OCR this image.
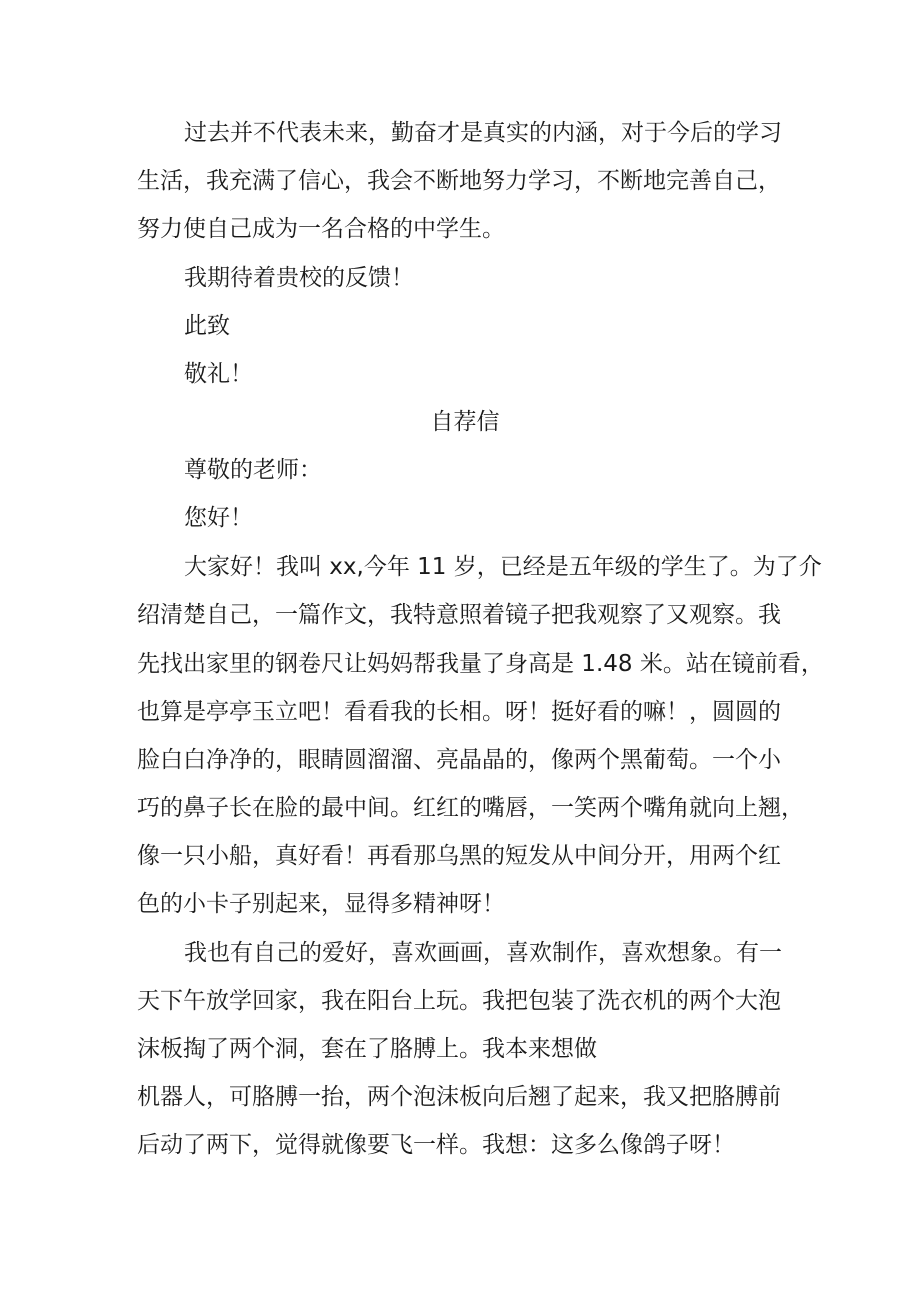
过去并不代表未来，勤奋才是真实的内涵，对于今后的学习
生活，我充满了信心，我会不断地努力学习，不断地完善自己，
努力使自己成为一名合格的中学生。
我期待着贵校的反馈！
此致
敬礼！
自荐信
尊敬的老师：
您好！
大家好！我叫 xx,今年 11 岁，已经是五年级的学生了。为了介
绍清楚自己，一篇作文，我特意照着镜子把我观察了又观察。我
先找出家里的钢卷尺让妈妈帮我量了身高是 1.48 米。站在镜前看，
也算是亭亭玉立吧！看看我的长相。呀！挺好看的嘛！，圆圆的
脸白白净净的，眼睛圆溜溜、亮晶晶的，像两个黑葡萄。一个小
巧的鼻子长在脸的最中间。红红的嘴唇，一笑两个嘴角就向上翘，
像一只小船，真好看！再看那乌黑的短发从中间分开，用两个红
色的小卡子别起来，显得多精神呀！
我也有自己的爱好，喜欢画画，喜欢制作，喜欢想象。有一
天下午放学回家，我在阳台上玩。我把包装了洗衣机的两个大泡
沫板掏了两个洞，套在了胳膊上。我本来想做
机器人，可胳膊一抬，两个泡沫板向后翘了起来，我又把胳膊前
后动了两下，觉得就像要飞一样。我想：这多么像鸽子呀！
